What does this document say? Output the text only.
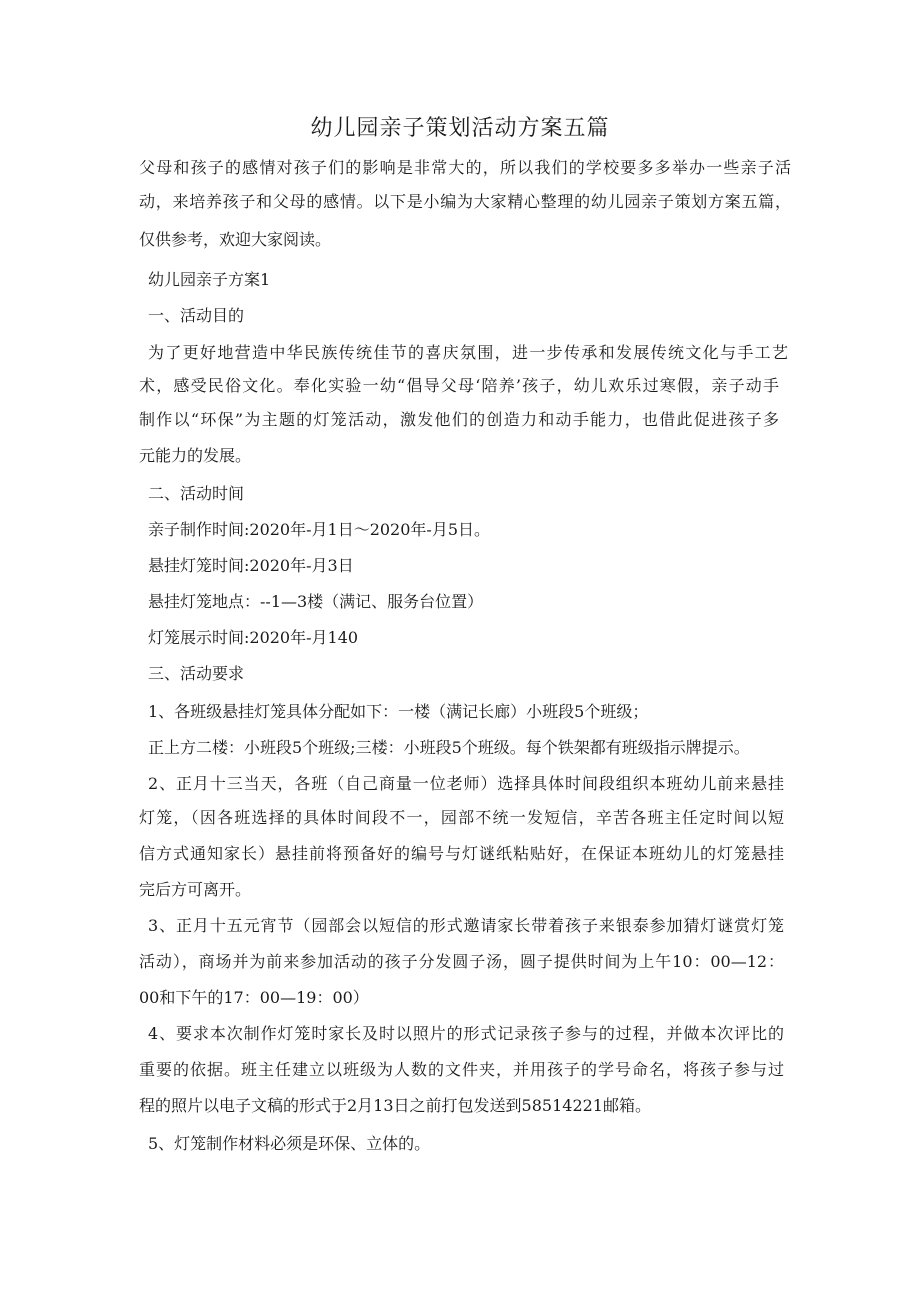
幼儿园亲子策划活动方案五篇

父母和孩子的感情对孩子们的影响是非常大的，所以我们的学校要多多举办一些亲子活

动，来培养孩子和父母的感情。以下是小编为大家精心整理的幼儿园亲子策划方案五篇，

仅供参考，欢迎大家阅读。

幼儿园亲子方案1

一、活动目的

为了更好地营造中华民族传统佳节的喜庆氛围，进一步传承和发展传统文化与手工艺

术，感受民俗文化。奉化实验一幼“倡导父母‘陪养’孩子，幼儿欢乐过寒假，亲子动手

制作以“环保”为主题的灯笼活动，激发他们的创造力和动手能力，也借此促进孩子多

元能力的发展。

二、活动时间

亲子制作时间:2020年-月1日～2020年-月5日。

悬挂灯笼时间:2020年-月3日

悬挂灯笼地点：--1—3楼（满记、服务台位置）

灯笼展示时间:2020年-月140

三、活动要求

1、各班级悬挂灯笼具体分配如下：一楼（满记长廊）小班段5个班级；

正上方二楼：小班段5个班级;三楼：小班段5个班级。每个铁架都有班级指示牌提示。

2、正月十三当天，各班（自己商量一位老师）选择具体时间段组织本班幼儿前来悬挂

灯笼，（因各班选择的具体时间段不一，园部不统一发短信，辛苦各班主任定时间以短

信方式通知家长）悬挂前将预备好的编号与灯谜纸粘贴好，在保证本班幼儿的灯笼悬挂

完后方可离开。

3、正月十五元宵节（园部会以短信的形式邀请家长带着孩子来银泰参加猜灯谜赏灯笼

活动），商场并为前来参加活动的孩子分发圆子汤，圆子提供时间为上午10：00—12：

00和下午的17：00—19：00）

4、要求本次制作灯笼时家长及时以照片的形式记录孩子参与的过程，并做本次评比的

重要的依据。班主任建立以班级为人数的文件夹，并用孩子的学号命名，将孩子参与过

程的照片以电子文稿的形式于2月13日之前打包发送到58514221邮箱。

5、灯笼制作材料必须是环保、立体的。
